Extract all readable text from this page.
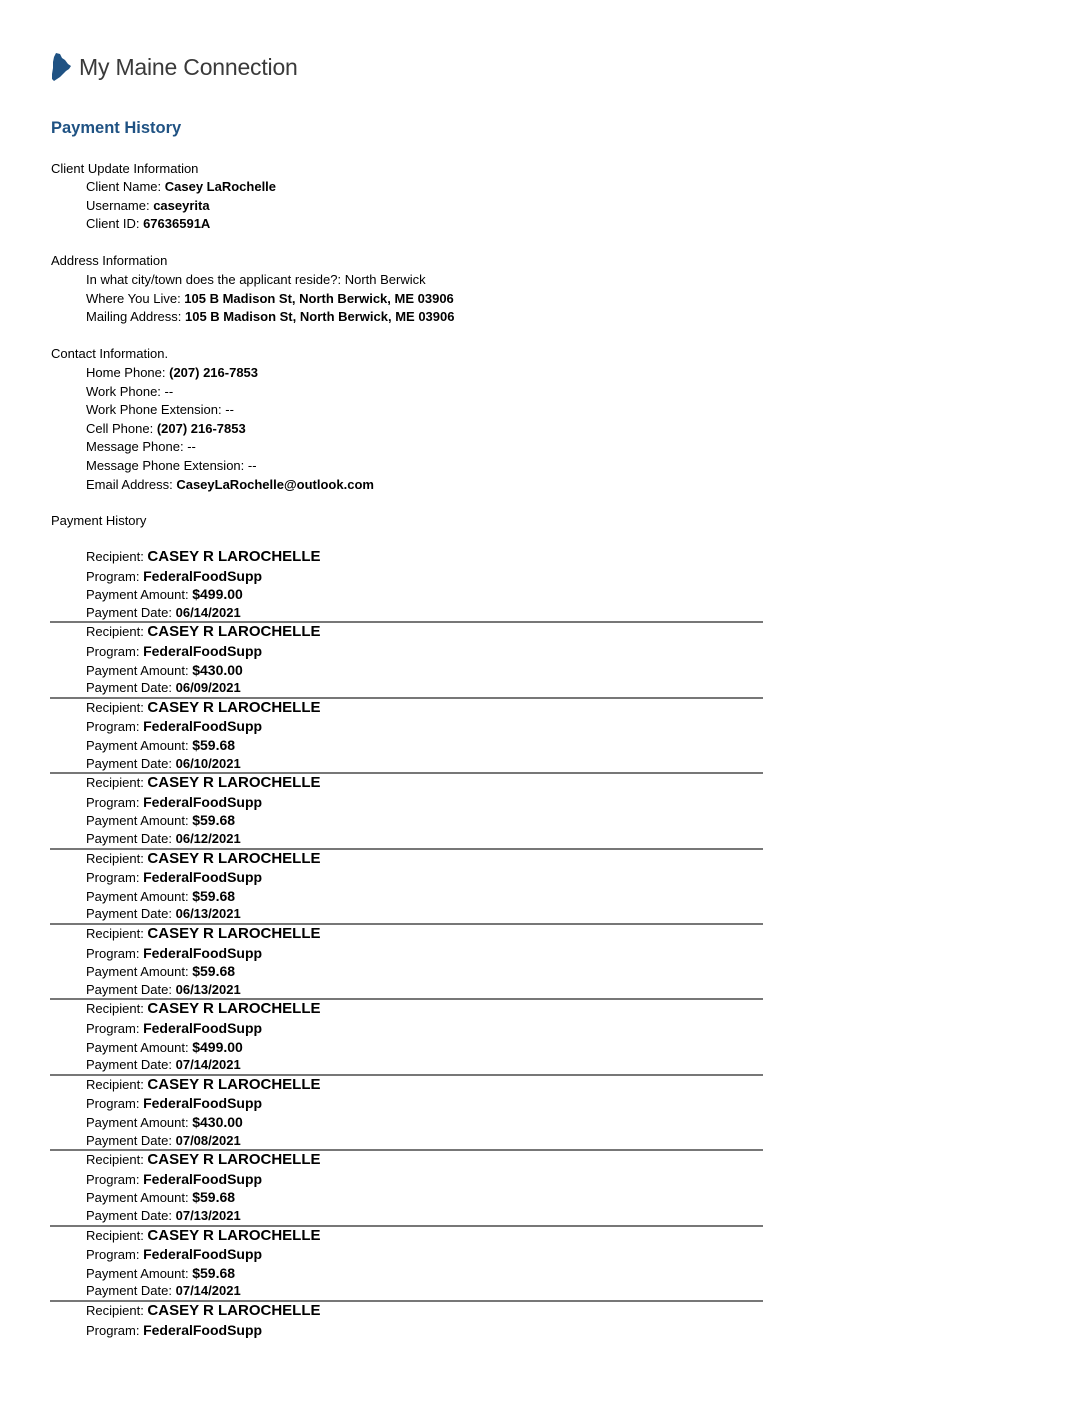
My Maine Connection
Payment History
Client Update Information
Client Name: Casey LaRochelle
Username: caseyrita
Client ID: 67636591A
Address Information
In what city/town does the applicant reside?: North Berwick
Where You Live: 105 B Madison St, North Berwick, ME 03906
Mailing Address: 105 B Madison St, North Berwick, ME 03906
Contact Information.
Home Phone: (207) 216-7853
Work Phone: --
Work Phone Extension: --
Cell Phone: (207) 216-7853
Message Phone: --
Message Phone Extension: --
Email Address: CaseyLaRochelle@outlook.com
Payment History
Recipient: CASEY R LAROCHELLE
Program: FederalFoodSupp
Payment Amount: $499.00
Payment Date: 06/14/2021
Recipient: CASEY R LAROCHELLE
Program: FederalFoodSupp
Payment Amount: $430.00
Payment Date: 06/09/2021
Recipient: CASEY R LAROCHELLE
Program: FederalFoodSupp
Payment Amount: $59.68
Payment Date: 06/10/2021
Recipient: CASEY R LAROCHELLE
Program: FederalFoodSupp
Payment Amount: $59.68
Payment Date: 06/12/2021
Recipient: CASEY R LAROCHELLE
Program: FederalFoodSupp
Payment Amount: $59.68
Payment Date: 06/13/2021
Recipient: CASEY R LAROCHELLE
Program: FederalFoodSupp
Payment Amount: $59.68
Payment Date: 06/13/2021
Recipient: CASEY R LAROCHELLE
Program: FederalFoodSupp
Payment Amount: $499.00
Payment Date: 07/14/2021
Recipient: CASEY R LAROCHELLE
Program: FederalFoodSupp
Payment Amount: $430.00
Payment Date: 07/08/2021
Recipient: CASEY R LAROCHELLE
Program: FederalFoodSupp
Payment Amount: $59.68
Payment Date: 07/13/2021
Recipient: CASEY R LAROCHELLE
Program: FederalFoodSupp
Payment Amount: $59.68
Payment Date: 07/14/2021
Recipient: CASEY R LAROCHELLE
Program: FederalFoodSupp
